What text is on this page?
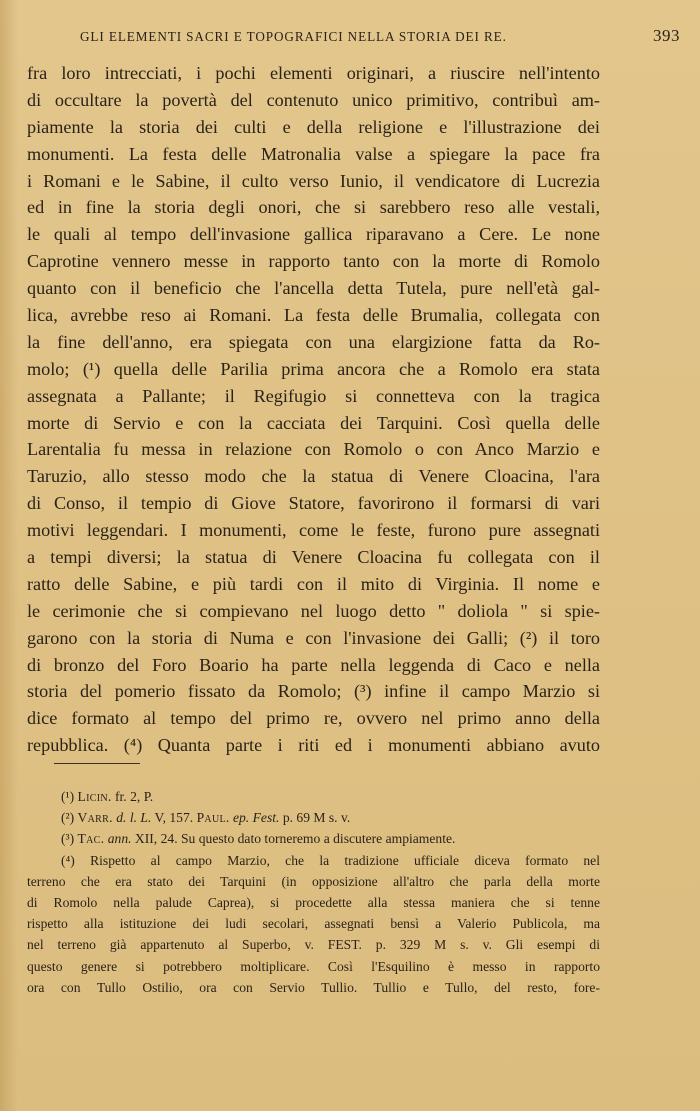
GLI ELEMENTI SACRI E TOPOGRAFICI NELLA STORIA DEI RE.	393
fra loro intrecciati, i pochi elementi originari, a riuscire nell'intento
di occultare la povertà del contenuto unico primitivo, contribuì am-
piamente la storia dei culti e della religione e l'illustrazione dei
monumenti. La festa delle Matronalia valse a spiegare la pace fra
i Romani e le Sabine, il culto verso Iunio, il vendicatore di Lucrezia
ed in fine la storia degli onori, che si sarebbero reso alle vestali,
le quali al tempo dell'invasione gallica riparavano a Cere. Le none
Caprotine vennero messe in rapporto tanto con la morte di Romolo
quanto con il beneficio che l'ancella detta Tutela, pure nell'età gal-
lica, avrebbe reso ai Romani. La festa delle Brumalia, collegata con
la fine dell'anno, era spiegata con una elargizione fatta da Ro-
molo; (¹) quella delle Parilia prima ancora che a Romolo era stata
assegnata a Pallante; il Regifugio si connetteva con la tragica
morte di Servio e con la cacciata dei Tarquini. Così quella delle
Larentalia fu messa in relazione con Romolo o con Anco Marzio e
Taruzio, allo stesso modo che la statua di Venere Cloacina, l'ara
di Conso, il tempio di Giove Statore, favorirono il formarsi di vari
motivi leggendari. I monumenti, come le feste, furono pure assegnati
a tempi diversi; la statua di Venere Cloacina fu collegata con il
ratto delle Sabine, e più tardi con il mito di Virginia. Il nome e
le cerimonie che si compievano nel luogo detto " doliola " si spie-
garono con la storia di Numa e con l'invasione dei Galli; (²) il toro
di bronzo del Foro Boario ha parte nella leggenda di Caco e nella
storia del pomerio fissato da Romolo; (³) infine il campo Marzio si
dice formato al tempo del primo re, ovvero nel primo anno della
repubblica. (⁴) Quanta parte i riti ed i monumenti abbiano avuto
(¹) Licin. fr. 2, P.
(²) Varr. d. l. L. V, 157. Paul. ep. Fest. p. 69 M s. v.
(³) Tac. ann. XII, 24. Su questo dato torneremo a discutere ampiamente.
(⁴) Rispetto al campo Marzio, che la tradizione ufficiale diceva formato nel
terreno che era stato dei Tarquini (in opposizione all'altro che parla della morte
di Romolo nella palude Caprea), si procedette alla stessa maniera che si tenne
rispetto alla istituzione dei ludi secolari, assegnati bensì a Valerio Publicola, ma
nel terreno già appartenuto al Superbo, v. FEST. p. 329 M s. v. Gli esempi di
questo genere si potrebbero moltiplicare. Così l'Esquilino è messo in rapporto
ora con Tullo Ostilio, ora con Servio Tullio. Tullio e Tullo, del resto, fore-
